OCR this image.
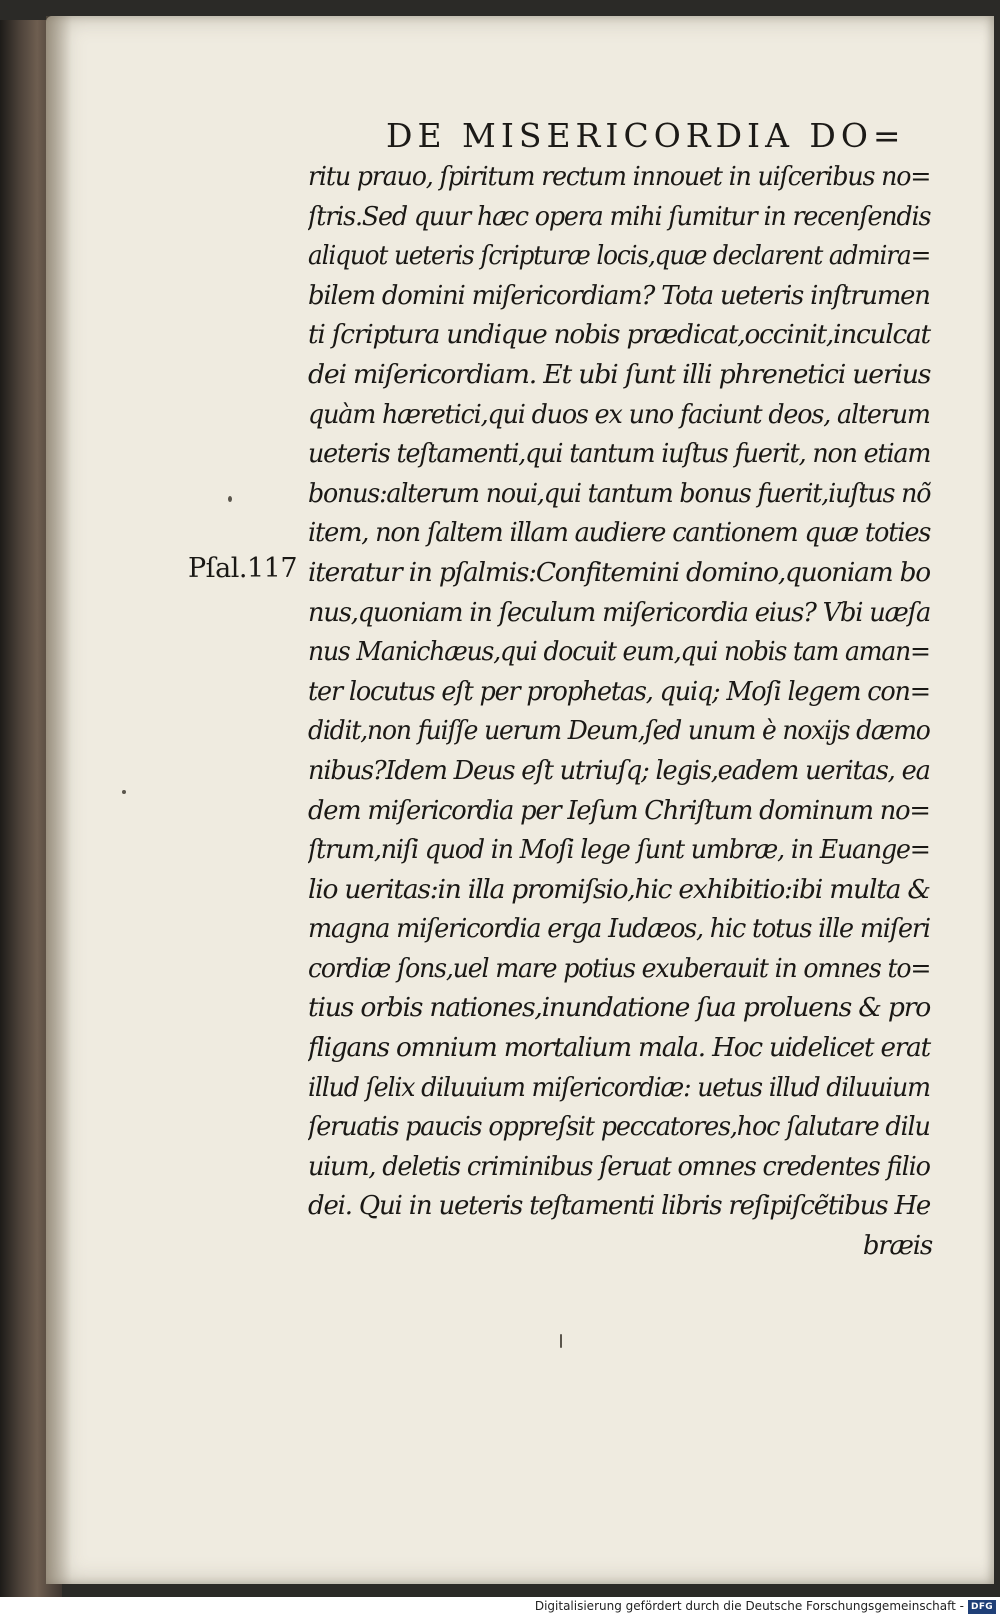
DE MISERICORDIA DO=
Pſal.117
ritu prauo, ſpiritum rectum innouet in uiſceribus no=
ſtris.Sed quur hæc opera mihi ſumitur in recenſendis
aliquot ueteris ſcripturæ locis,quæ declarent admira=
bilem domini miſericordiam? Tota ueteris inſtrumen
ti ſcriptura undique nobis prædicat,occinit,inculcat
dei miſericordiam. Et ubi ſunt illi phrenetici uerius
quàm hæretici,qui duos ex uno faciunt deos, alterum
ueteris teſtamenti,qui tantum iuſtus fuerit, non etiam
bonus:alterum noui,qui tantum bonus fuerit,iuſtus nõ
item, non ſaltem illam audiere cantionem quæ toties
iteratur in pſalmis:Confitemini domino,quoniam bo
nus,quoniam in ſeculum miſericordia eius? Vbi uæſa
nus Manichæus,qui docuit eum,qui nobis tam aman=
ter locutus eſt per prophetas, quiq; Moſi legem con=
didit,non fuiſſe uerum Deum,ſed unum è noxijs dæmo
nibus?Idem Deus eſt utriuſq; legis,eadem ueritas, ea
dem miſericordia per Ieſum Chriſtum dominum no=
ſtrum,niſi quod in Moſi lege ſunt umbræ, in Euange=
lio ueritas:in illa promiſsio,hic exhibitio:ibi multa &
magna miſericordia erga Iudæos, hic totus ille miſeri
cordiæ ſons,uel mare potius exuberauit in omnes to=
tius orbis nationes,inundatione ſua proluens & pro
fligans omnium mortalium mala. Hoc uidelicet erat
illud ſelix diluuium miſericordiæ: uetus illud diluuium
ſeruatis paucis oppreſsit peccatores,hoc ſalutare dilu
uium, deletis criminibus ſeruat omnes credentes filio
dei. Qui in ueteris teſtamenti libris reſipiſcẽtibus He
bræis
Digitalisierung gefördert durch die Deutsche Forschungsgemeinschaft - DFG
